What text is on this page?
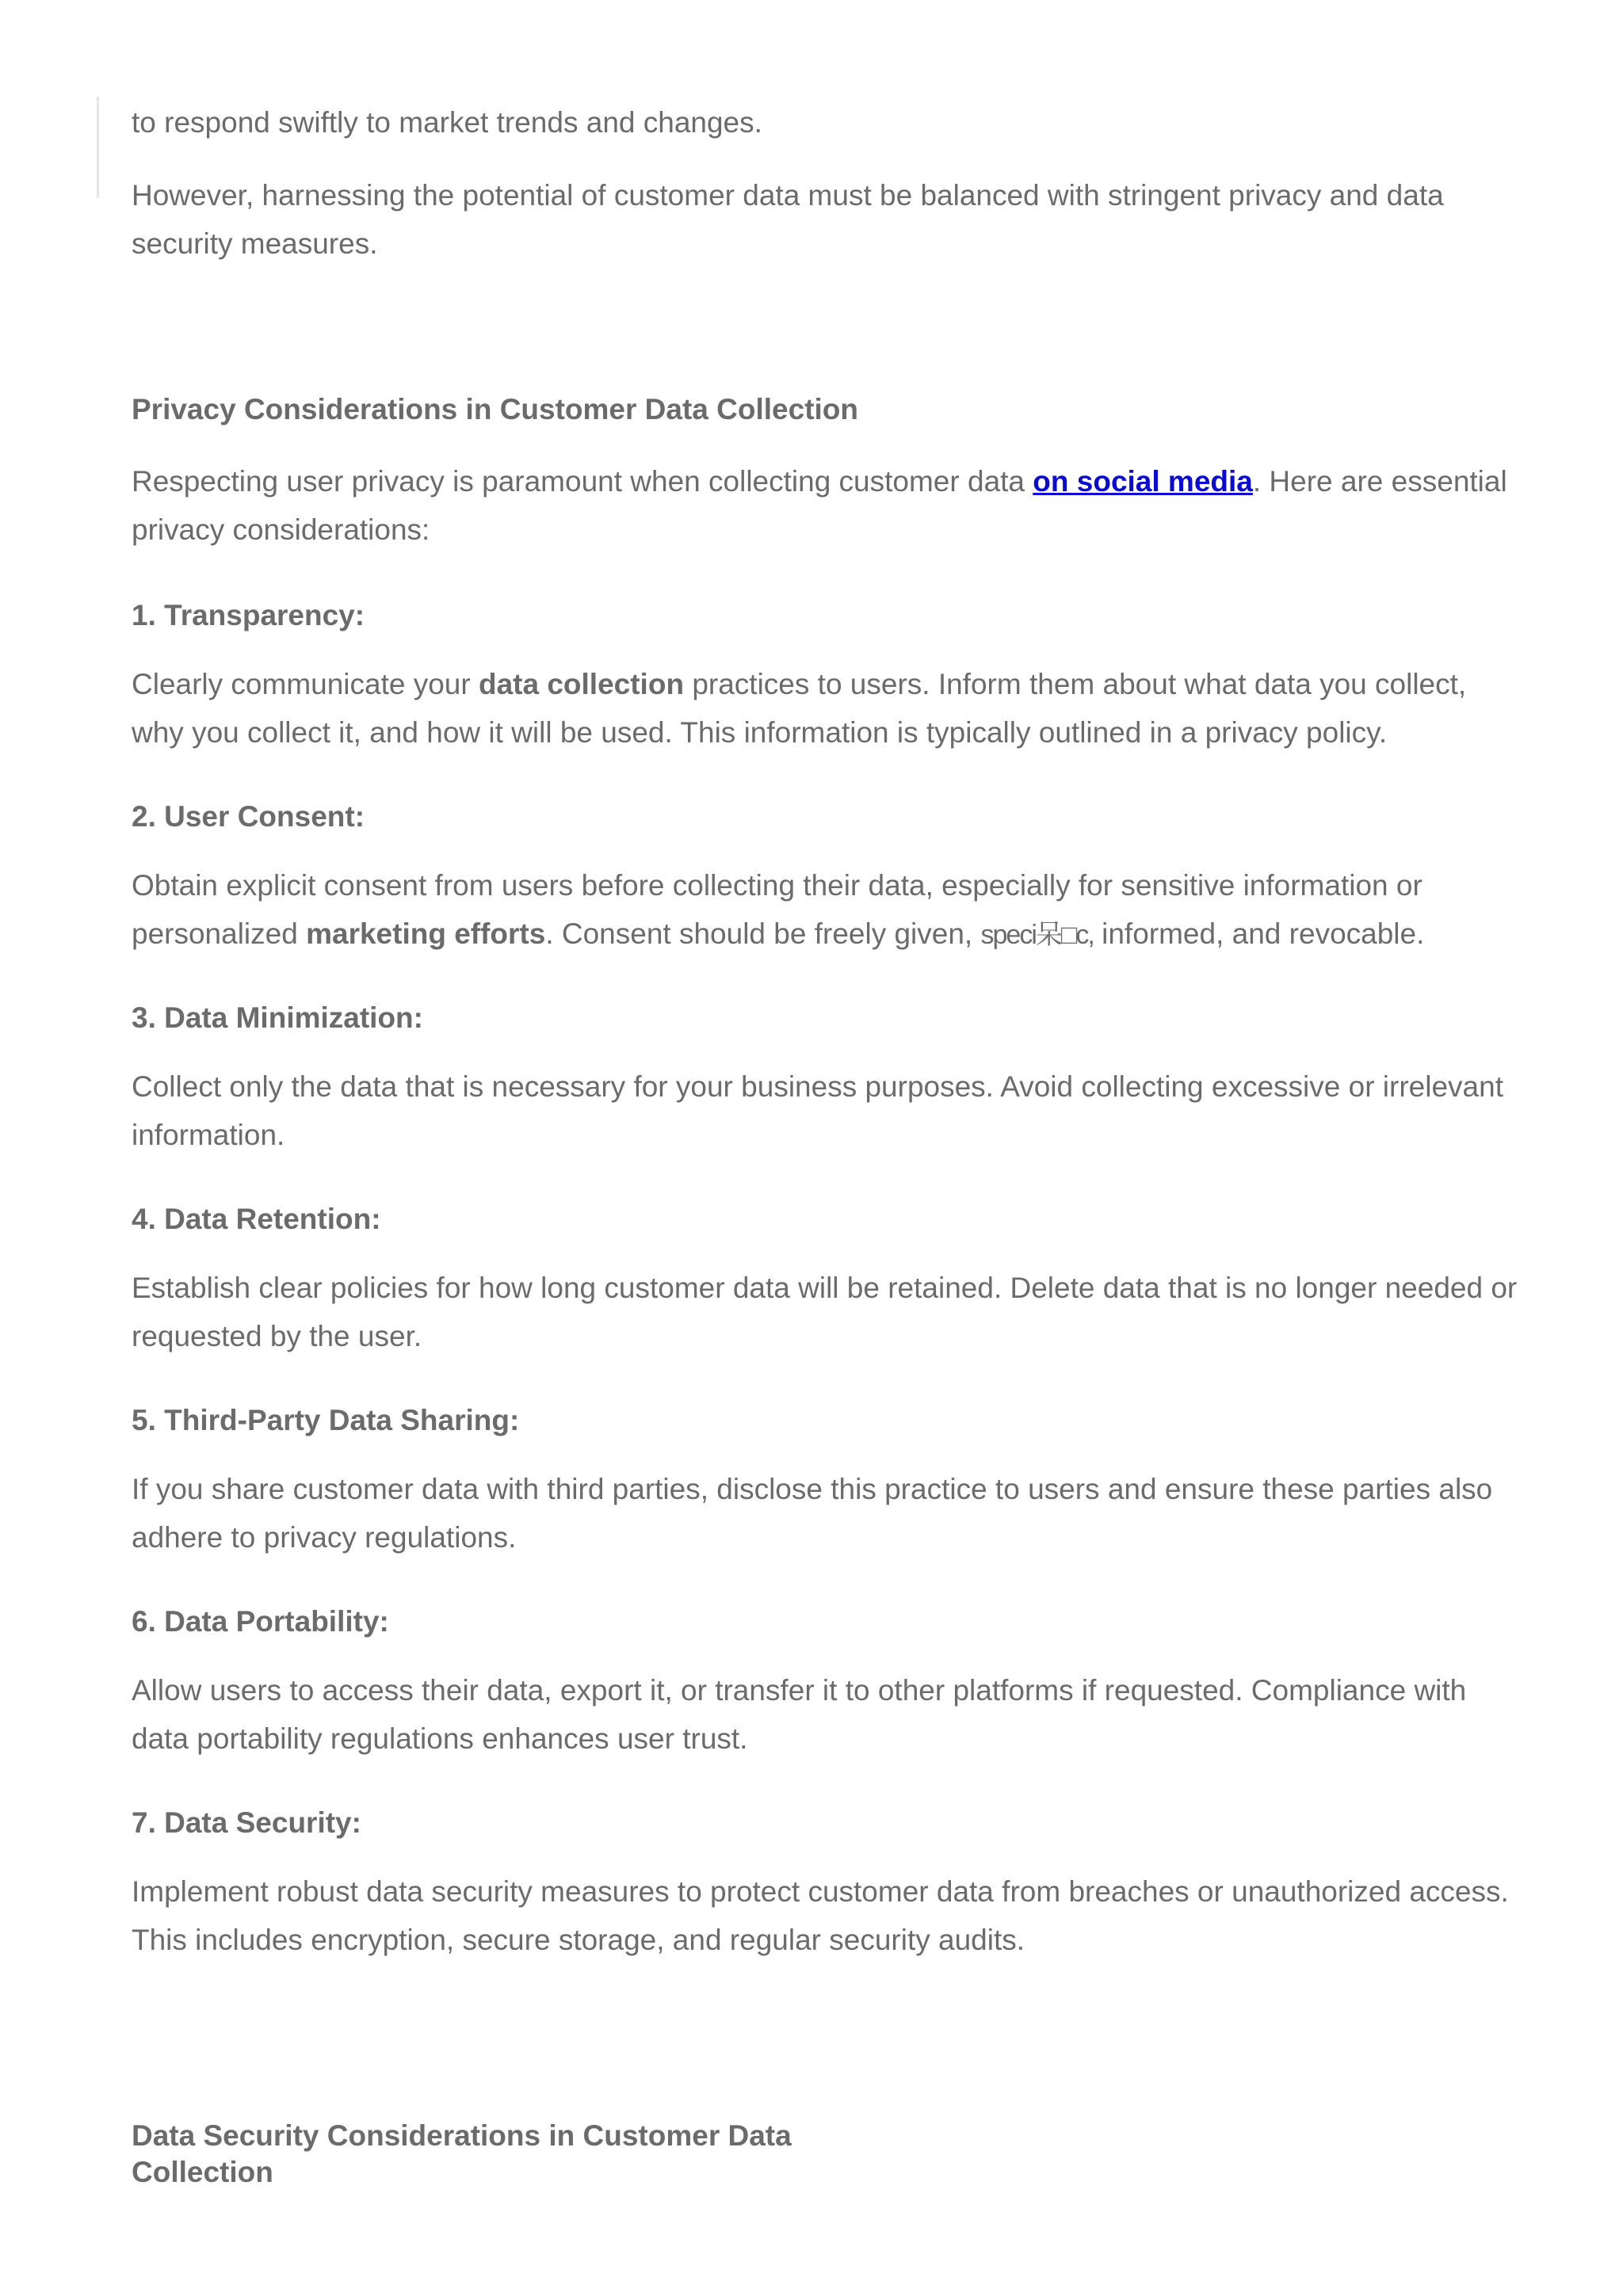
to respond swiftly to market trends and changes.

However, harnessing the potential of customer data must be balanced with stringent privacy and data security measures.

Privacy Considerations in Customer Data Collection

Respecting user privacy is paramount when collecting customer data on social media. Here are essential privacy considerations:

1. Transparency:

Clearly communicate your data collection practices to users. Inform them about what data you collect, why you collect it, and how it will be used. This information is typically outlined in a privacy policy.

2. User Consent:

Obtain explicit consent from users before collecting their data, especially for sensitive information or personalized marketing efforts. Consent should be freely given, speci呆□c, informed, and revocable.

3. Data Minimization:

Collect only the data that is necessary for your business purposes. Avoid collecting excessive or irrelevant information.

4. Data Retention:

Establish clear policies for how long customer data will be retained. Delete data that is no longer needed or requested by the user.

5. Third-Party Data Sharing:

If you share customer data with third parties, disclose this practice to users and ensure these parties also adhere to privacy regulations.

6. Data Portability:

Allow users to access their data, export it, or transfer it to other platforms if requested. Compliance with data portability regulations enhances user trust.

7. Data Security:

Implement robust data security measures to protect customer data from breaches or unauthorized access. This includes encryption, secure storage, and regular security audits.

Data Security Considerations in Customer Data
Collection
